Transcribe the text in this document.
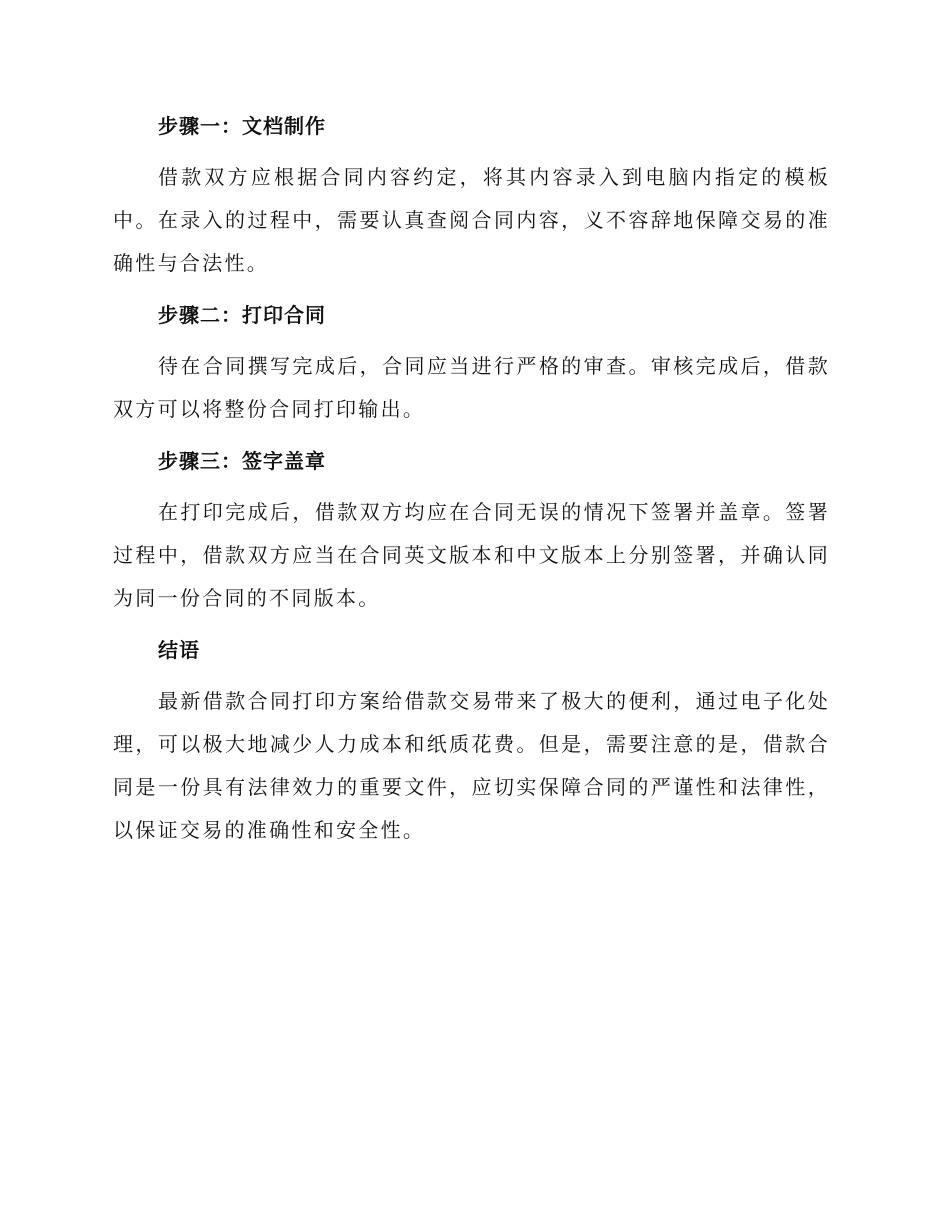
步骤一：文档制作

借款双方应根据合同内容约定，将其内容录入到电脑内指定的模板中。在录入的过程中，需要认真查阅合同内容，义不容辞地保障交易的准确性与合法性。

步骤二：打印合同

待在合同撰写完成后，合同应当进行严格的审查。审核完成后，借款双方可以将整份合同打印输出。

步骤三：签字盖章

在打印完成后，借款双方均应在合同无误的情况下签署并盖章。签署过程中，借款双方应当在合同英文版本和中文版本上分别签署，并确认同为同一份合同的不同版本。

结语

最新借款合同打印方案给借款交易带来了极大的便利，通过电子化处理，可以极大地减少人力成本和纸质花费。但是，需要注意的是，借款合同是一份具有法律效力的重要文件，应切实保障合同的严谨性和法律性，以保证交易的准确性和安全性。
